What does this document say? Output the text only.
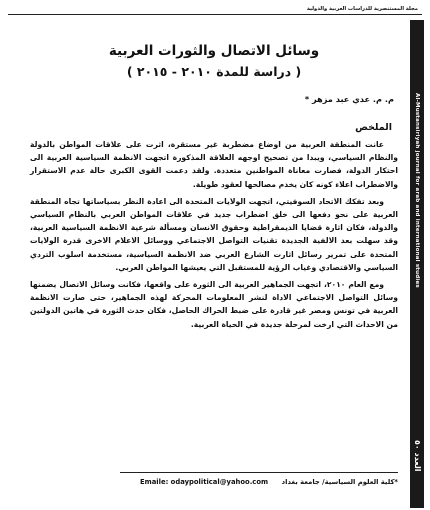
مجلة المستنصرية للدراسات العربية والدولية
Al-Mustansiriyah journal for arab and international studies
العدد ٥٠
وسائل الاتصال والثورات العربية
( دراسة للمدة ٢٠١٠ - ٢٠١٥ )
م. م. عدي عبد مزهر *
الملخص

عانت المنطقة العربية من اوضاع مضطربة غير مستقرة، اثرت على علاقات المواطن بالدولة والنظام السياسي، ويبدا من تصحيح اوجهه العلاقة المذكورة اتجهت الانظمة السياسية العربية الى احتكار الدولة، فصارت معاناة المواطنين متعددة. ولقد دعمت القوى الكبرى حالة عدم الاستقرار والاضطراب اعلاء كونه كان يخدم مصالحها لعقود طويلة.

وبعد تفكك الاتحاد السوفيتي، اتجهت الولايات المتحدة الى اعادة النظر بسياساتها تجاه المنطقة العربية على نحو دفعها الى خلق اضطراب جديد في علاقات المواطن العربي بالنظام السياسي والدولة، فكان اثارة قضايا الديمقراطية وحقوق الانسان ومسألة شرعية الانظمة السياسية العربية، وقد سهلت بعد الالفية الجديدة تقنيات التواصل الاجتماعي ووسائل الاعلام الاخرى قدرة الولايات المتحدة على تمرير رسائل اثارت الشارع العربي ضد الانظمة السياسية، مستخدمة اسلوب التردي السياسي والاقتصادي وغياب الرؤية للمستقبل التي يعيشها المواطن العربي.

ومع العام ٢٠١٠، اتجهت الجماهير العربية الى الثورة على واقعها، فكانت وسائل الاتصال يضمنها وسائل التواصل الاجتماعي الاداة لنشر المعلومات المحركة لهذه الجماهير، حتى صارت الانظمة العربية في تونس ومصر غير قادرة على ضبط الحراك الحاصل، فكان حدث الثورة في هاتين الدولتين من الاحداث التي ارخت لمرحلة جديدة في الحياة العربية.

*كلية العلوم السياسية/ جامعة بغداد
Emaile: odaypolitical@yahoo.com
